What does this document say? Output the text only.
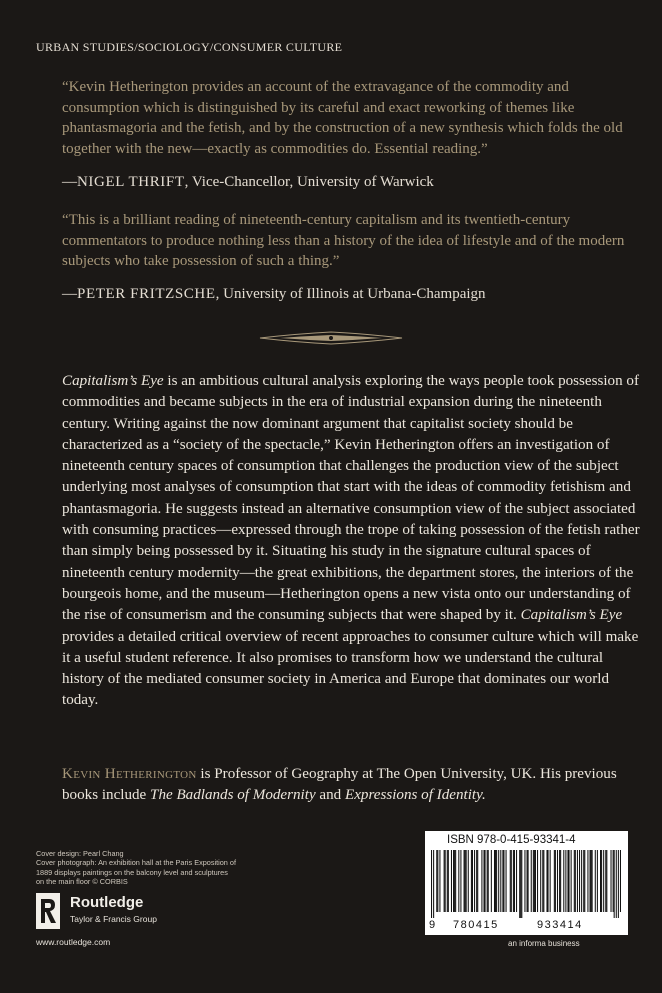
URBAN STUDIES/SOCIOLOGY/CONSUMER CULTURE
“Kevin Hetherington provides an account of the extravagance of the commodity and consumption which is distinguished by its careful and exact reworking of themes like phantasmagoria and the fetish, and by the construction of a new synthesis which folds the old together with the new—exactly as commodities do. Essential reading.”
—NIGEL THRIFT, Vice-Chancellor, University of Warwick
“This is a brilliant reading of nineteenth-century capitalism and its twentieth-century commentators to produce nothing less than a history of the idea of lifestyle and of the modern subjects who take possession of such a thing.”
—PETER FRITZSCHE, University of Illinois at Urbana-Champaign
Capitalism’s Eye is an ambitious cultural analysis exploring the ways people took possession of commodities and became subjects in the era of industrial expansion during the nineteenth century. Writing against the now dominant argument that capitalist society should be characterized as a “society of the spectacle,” Kevin Hetherington offers an investigation of nineteenth century spaces of consumption that challenges the production view of the subject underlying most analyses of consumption that start with the ideas of commodity fetishism and phantasmagoria. He suggests instead an alternative consumption view of the subject associated with consuming practices—expressed through the trope of taking possession of the fetish rather than simply being possessed by it. Situating his study in the signature cultural spaces of nineteenth century modernity—the great exhibitions, the department stores, the interiors of the bourgeois home, and the museum—Hetherington opens a new vista onto our understanding of the rise of consumerism and the consuming subjects that were shaped by it. Capitalism’s Eye provides a detailed critical overview of recent approaches to consumer culture which will make it a useful student reference. It also promises to transform how we understand the cultural history of the mediated consumer society in America and Europe that dominates our world today.
Kevin Hetherington is Professor of Geography at The Open University, UK. His previous books include The Badlands of Modernity and Expressions of Identity.
Cover design: Pearl Chang
Cover photograph: An exhibition hall at the Paris Exposition of 1889 displays paintings on the balcony level and sculptures on the main floor © CORBIS
Routledge
Taylor & Francis Group
www.routledge.com
ISBN 978-0-415-93341-4
9 780415	933414
an informa business
